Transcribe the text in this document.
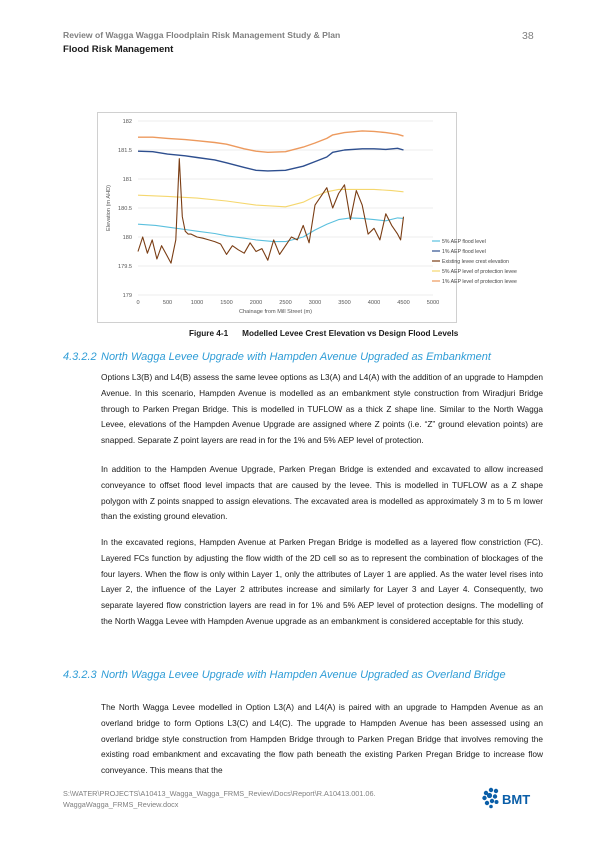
Review of Wagga Wagga Floodplain Risk Management Study & Plan
Flood Risk Management
38
179
179.5
180
180.5
181
181.5
182
0	500	1000	1500	2000	2500	3000	3500	4000	4500	5000
Chainage from Mill Street (m)
Elevation (m AHD)
5% AEP flood level
1% AEP flood level
Existing levee crest elevation
5% AEP level of protection levee
1% AEP level of protection levee
Figure 4-1 Modelled Levee Crest Elevation vs Design Flood Levels
4.3.2.2 North Wagga Levee Upgrade with Hampden Avenue Upgraded as Embankment

Options L3(B) and L4(B) assess the same levee options as L3(A) and L4(A) with the addition of an upgrade to Hampden Avenue. In this scenario, Hampden Avenue is modelled as an embankment style construction from Wiradjuri Bridge through to Parken Pregan Bridge. This is modelled in TUFLOW as a thick Z shape line. Similar to the North Wagga Levee, elevations of the Hampden Avenue Upgrade are assigned where Z points (i.e. “Z” ground elevation points) are snapped. Separate Z point layers are read in for the 1% and 5% AEP level of protection.

In addition to the Hampden Avenue Upgrade, Parken Pregan Bridge is extended and excavated to allow increased conveyance to offset flood level impacts that are caused by the levee. This is modelled in TUFLOW as a Z shape polygon with Z points snapped to assign elevations. The excavated area is modelled as approximately 3 m to 5 m lower than the existing ground elevation.

In the excavated regions, Hampden Avenue at Parken Pregan Bridge is modelled as a layered flow constriction (FC). Layered FCs function by adjusting the flow width of the 2D cell so as to represent the combination of blockages of the four layers. When the flow is only within Layer 1, only the attributes of Layer 1 are applied. As the water level rises into Layer 2, the influence of the Layer 2 attributes increase and similarly for Layer 3 and Layer 4. Consequently, two separate layered flow constriction layers are read in for 1% and 5% AEP level of protection designs. The modelling of the North Wagga Levee with Hampden Avenue upgrade as an embankment is considered acceptable for this study.

4.3.2.3 North Wagga Levee Upgrade with Hampden Avenue Upgraded as Overland Bridge

The North Wagga Levee modelled in Option L3(A) and L4(A) is paired with an upgrade to Hampden Avenue as an overland bridge to form Options L3(C) and L4(C). The upgrade to Hampden Avenue has been assessed using an overland bridge style construction from Hampden Bridge through to Parken Pregan Bridge that involves removing the existing road embankment and excavating the flow path beneath the existing Parken Pregan Bridge to increase flow conveyance. This means that the

S:\WATER\PROJECTS\A10413_Wagga_Wagga_FRMS_Review\Docs\Report\R.A10413.001.06.
WaggaWagga_FRMS_Review.docx	BMT
